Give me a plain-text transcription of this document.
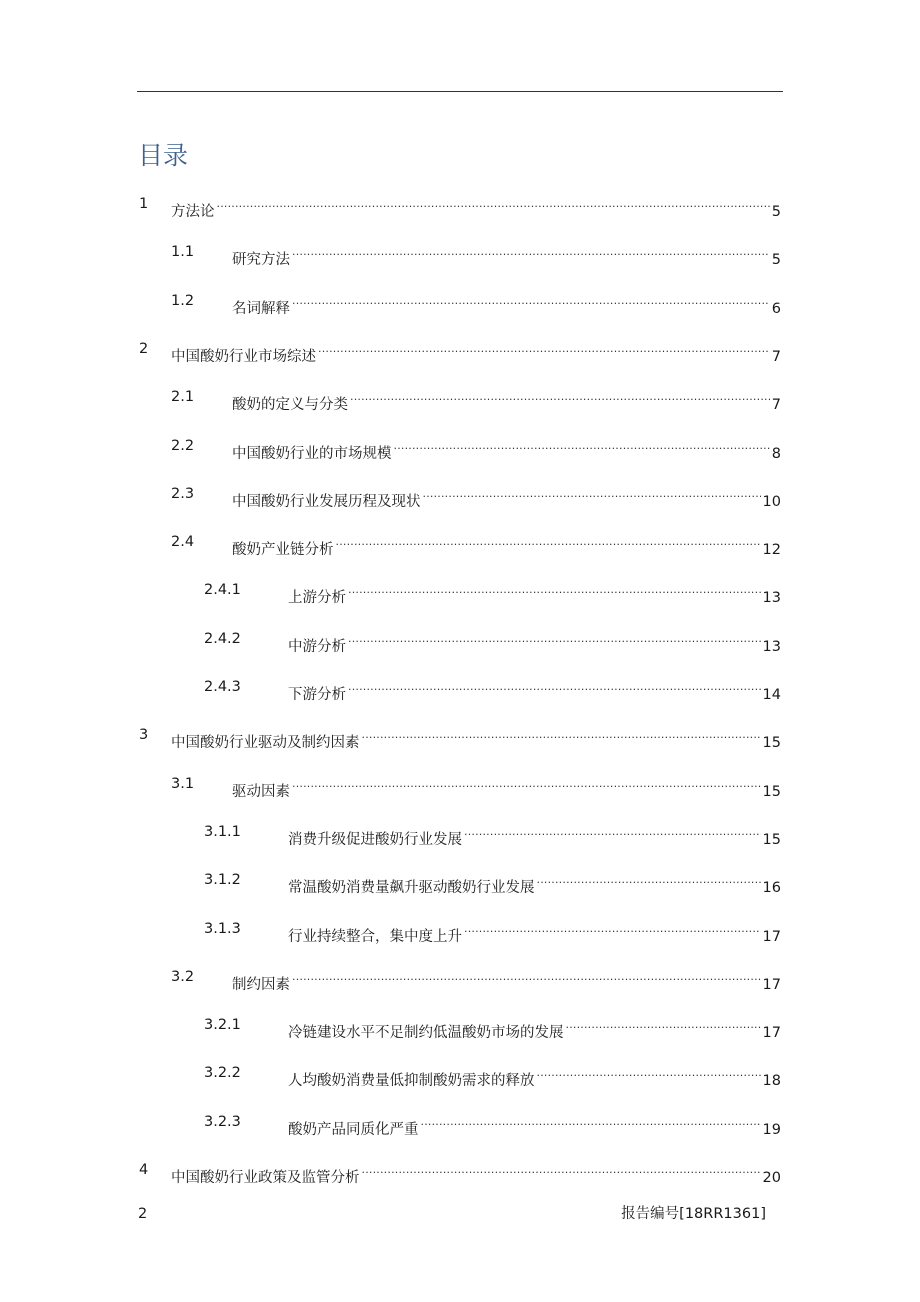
目录
1 方法论 .....	5
1.1	研究方法 .....	5
1.2	名词解释 .....	6
2 中国酸奶行业市场综述 .....	7
2.1	酸奶的定义与分类 .....	7
2.2	中国酸奶行业的市场规模 .....	8
2.3	中国酸奶行业发展历程及现状 .....	10
2.4	酸奶产业链分析 .....	12
2.4.1	上游分析 .....	13
2.4.2	中游分析 .....	13
2.4.3	下游分析 .....	14
3 中国酸奶行业驱动及制约因素 .....	15
3.1	驱动因素 .....	15
3.1.1	消费升级促进酸奶行业发展 .....	15
3.1.2	常温酸奶消费量飙升驱动酸奶行业发展 .....	16
3.1.3	行业持续整合，集中度上升 .....	17
3.2	制约因素 .....	17
3.2.1	冷链建设水平不足制约低温酸奶市场的发展 .....	17
3.2.2	人均酸奶消费量低抑制酸奶需求的释放 .....	18
3.2.3	酸奶产品同质化严重 .....	19
4 中国酸奶行业政策及监管分析 .....	20
2	报告编号[18RR1361]
